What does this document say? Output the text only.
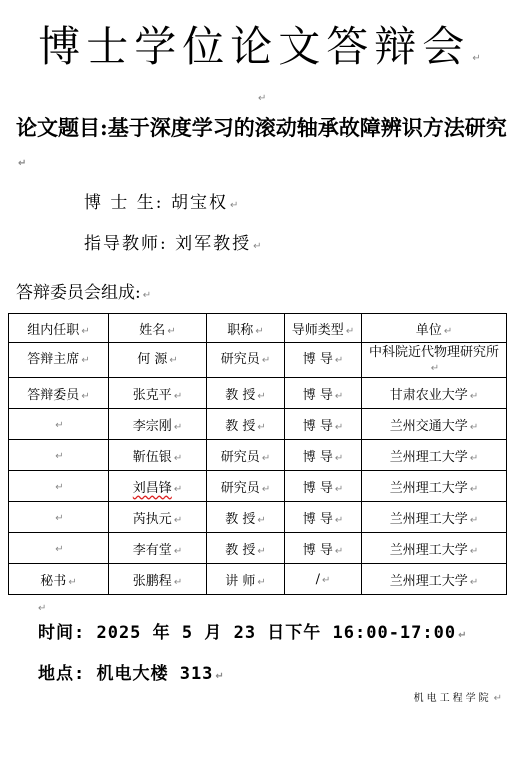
博士学位论文答辩会 ↵
↵
论文题目:基于深度学习的滚动轴承故障辨识方法研究↵
博 士 生: 胡宝权 ↵
指导教师: 刘军教授 ↵
答辩委员会组成: ↵
组内任职 ↵	姓名 ↵	职称 ↵	导师类型 ↵	单位 ↵
答辩主席 ↵	何 源 ↵	研究员 ↵	博 导 ↵	中科院近代物理研究所↵
答辩委员 ↵	张克平 ↵	教 授 ↵	博 导 ↵	甘肃农业大学 ↵
↵	李宗刚 ↵	教 授 ↵	博 导 ↵	兰州交通大学 ↵
↵	靳伍银 ↵	研究员 ↵	博 导 ↵	兰州理工大学 ↵
↵	刘昌锋 ↵	研究员 ↵	博 导 ↵	兰州理工大学 ↵
↵	芮执元 ↵	教 授 ↵	博 导 ↵	兰州理工大学 ↵
↵	李有堂 ↵	教 授 ↵	博 导 ↵	兰州理工大学 ↵
秘书 ↵	张鹏程 ↵	讲 师 ↵	/ ↵	兰州理工大学 ↵
↵
时间: 2025 年 5 月 23 日下午 16:00-17:00 ↵
地点: 机电大楼 313 ↵
机电工程学院 ↵
